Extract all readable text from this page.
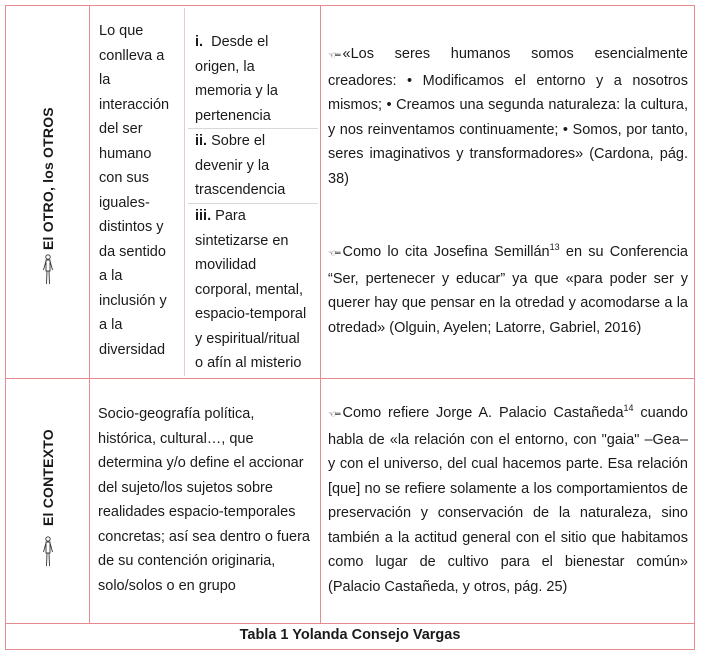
El OTRO, los OTROS

Lo que

conlleva a

la

interacción

del ser

humano

con sus

iguales-

distintos y

da sentido

a la

inclusión y

a la

diversidad

i. Desde el

origen, la

memoria y la

pertenencia

ii. Sobre el

devenir y la

trascendencia

iii. Para

sintetizarse en

movilidad

corporal, mental,

espacio-temporal

y espiritual/ritual

o afín al misterio

☜═ «Los seres humanos somos esencialmente creadores: • Modificamos el entorno y a nosotros mismos; • Creamos una segunda naturaleza: la cultura, y nos reinventamos continuamente; • Somos, por tanto, seres imaginativos y transformadores» (Cardona, pág. 38)
☜═ Como lo cita Josefina Semillán$^{13}$ en su Conferencia “Ser, pertenecer y educar” ya que «para poder ser y querer hay que pensar en la otredad y acomodarse a la otredad» (Olguin, Ayelen; Latorre, Gabriel, 2016)
El CONTEXTO

Socio-geografía política,

histórica, cultural…, que

determina y/o define el accionar

del sujeto/los sujetos sobre

realidades espacio-temporales

concretas; así sea dentro o fuera

de su contención originaria,

solo/solos o en grupo

☜═ Como refiere Jorge A. Palacio Castañeda$^{14}$ cuando habla de «la relación con el entorno, con "gaia" –Gea– y con el universo, del cual hacemos parte. Esa relación [que] no se refiere solamente a los comportamientos de preservación y conservación de la naturaleza, sino también a la actitud general con el sitio que habitamos como lugar de cultivo para el bienestar común» (Palacio Castañeda, y otros, pág. 25)
Tabla 1 Yolanda Consejo Vargas
